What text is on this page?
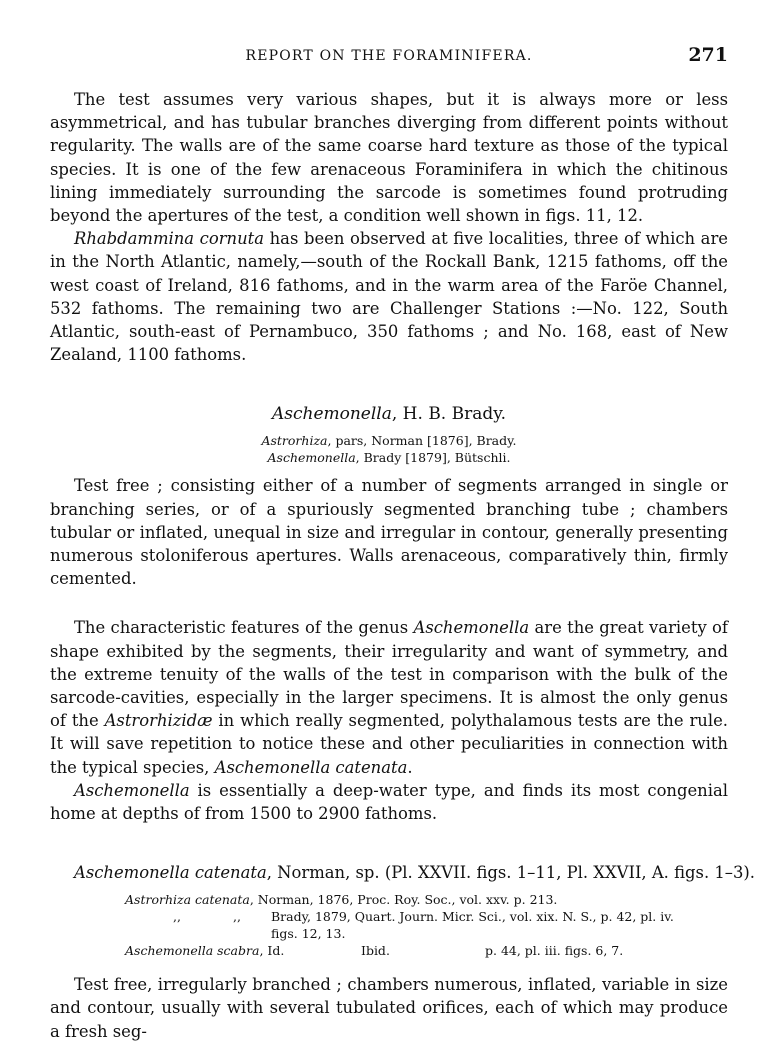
REPORT ON THE FORAMINIFERA.	271

The test assumes very various shapes, but it is always more or less asymmetrical, and has tubular branches diverging from different points without regularity. The walls are of the same coarse hard texture as those of the typical species. It is one of the few arenaceous Foraminifera in which the chitinous lining immediately surrounding the sarcode is sometimes found protruding beyond the apertures of the test, a condition well shown in figs. 11, 12.

Rhabdammina cornuta has been observed at five localities, three of which are in the North Atlantic, namely,—south of the Rockall Bank, 1215 fathoms, off the west coast of Ireland, 816 fathoms, and in the warm area of the Faröe Channel, 532 fathoms. The remaining two are Challenger Stations :—No. 122, South Atlantic, south-east of Pernambuco, 350 fathoms ; and No. 168, east of New Zealand, 1100 fathoms.

Aschemonella, H. B. Brady.
Astrorhiza, pars, Norman [1876], Brady.
Aschemonella, Brady [1879], Bütschli.

Test free ; consisting either of a number of segments arranged in single or branching series, or of a spuriously segmented branching tube ; chambers tubular or inflated, unequal in size and irregular in contour, generally presenting numerous stoloniferous apertures. Walls arenaceous, comparatively thin, firmly cemented.

The characteristic features of the genus Aschemonella are the great variety of shape exhibited by the segments, their irregularity and want of symmetry, and the extreme tenuity of the walls of the test in comparison with the bulk of the sarcode-cavities, especially in the larger specimens. It is almost the only genus of the Astrorhizidæ in which really segmented, polythalamous tests are the rule. It will save repetition to notice these and other peculiarities in connection with the typical species, Aschemonella catenata.

Aschemonella is essentially a deep-water type, and finds its most congenial home at depths of from 1500 to 2900 fathoms.

Aschemonella catenata, Norman, sp. (Pl. XXVII. figs. 1–11, Pl. XXVII, A. figs. 1–3).
Astrorhiza catenata, Norman, 1876, Proc. Roy. Soc., vol. xxv. p. 213.
,,	,, Brady, 1879, Quart. Journ. Micr. Sci., vol. xix. N. S., p. 42, pl. iv.
figs. 12, 13.
Aschemonella scabra, Id.	Ibid.	p. 44, pl. iii. figs. 6, 7.

Test free, irregularly branched ; chambers numerous, inflated, variable in size and contour, usually with several tubulated orifices, each of which may produce a fresh seg-
